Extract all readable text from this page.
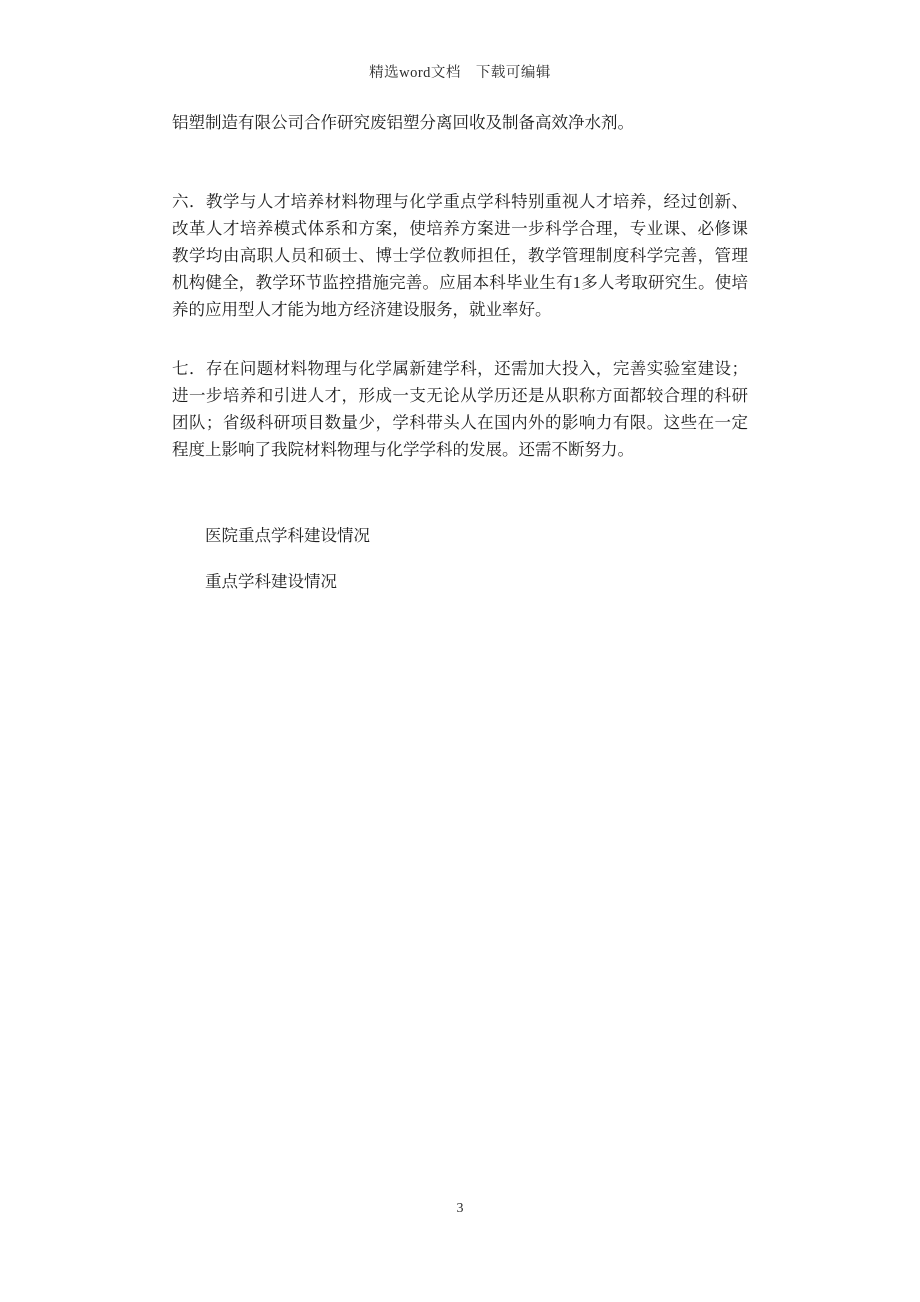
精选word文档　下载可编辑
铝塑制造有限公司合作研究废铝塑分离回收及制备高效净水剂。
六．教学与人才培养材料物理与化学重点学科特别重视人才培养，经过创新、改革人才培养模式体系和方案，使培养方案进一步科学合理，专业课、必修课教学均由高职人员和硕士、博士学位教师担任，教学管理制度科学完善，管理机构健全，教学环节监控措施完善。应届本科毕业生有1多人考取研究生。使培养的应用型人才能为地方经济建设服务，就业率好。
七．存在问题材料物理与化学属新建学科，还需加大投入，完善实验室建设；进一步培养和引进人才，形成一支无论从学历还是从职称方面都较合理的科研团队；省级科研项目数量少，学科带头人在国内外的影响力有限。这些在一定程度上影响了我院材料物理与化学学科的发展。还需不断努力。
医院重点学科建设情况
重点学科建设情况
3
